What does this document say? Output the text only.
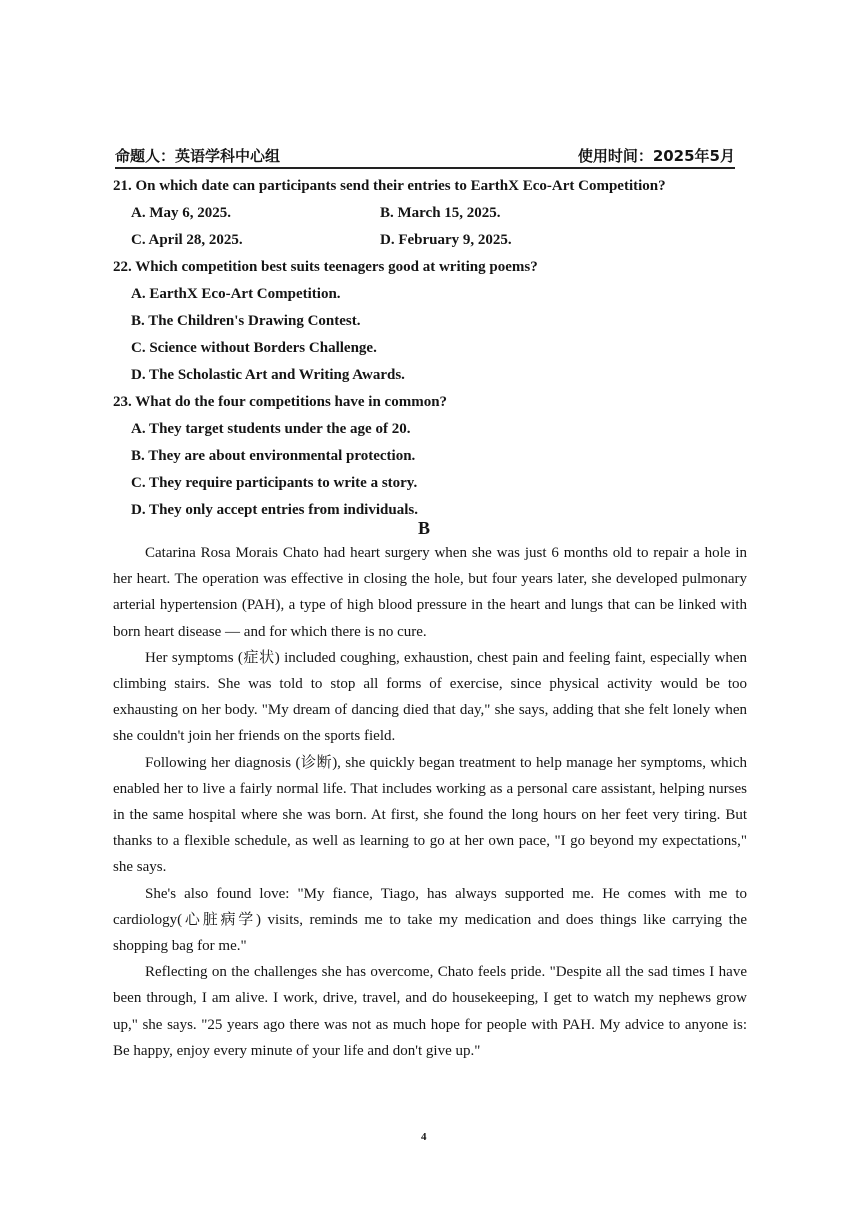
命题人：英语学科中心组	使用时间：2025年5月
21. On which date can participants send their entries to EarthX Eco-Art Competition?
A. May 6, 2025.	B. March 15, 2025.
C. April 28, 2025.	D. February 9, 2025.
22. Which competition best suits teenagers good at writing poems?
A. EarthX Eco-Art Competition.
B. The Children's Drawing Contest.
C. Science without Borders Challenge.
D. The Scholastic Art and Writing Awards.
23. What do the four competitions have in common?
A. They target students under the age of 20.
B. They are about environmental protection.
C. They require participants to write a story.
D. They only accept entries from individuals.
B

Catarina Rosa Morais Chato had heart surgery when she was just 6 months old to repair a hole in her heart. The operation was effective in closing the hole, but four years later, she developed pulmonary arterial hypertension (PAH), a type of high blood pressure in the heart and lungs that can be linked with born heart disease — and for which there is no cure.

Her symptoms (症状) included coughing, exhaustion, chest pain and feeling faint, especially when climbing stairs. She was told to stop all forms of exercise, since physical activity would be too exhausting on her body. "My dream of dancing died that day," she says, adding that she felt lonely when she couldn't join her friends on the sports field.

Following her diagnosis (诊断), she quickly began treatment to help manage her symptoms, which enabled her to live a fairly normal life. That includes working as a personal care assistant, helping nurses in the same hospital where she was born. At first, she found the long hours on her feet very tiring. But thanks to a flexible schedule, as well as learning to go at her own pace, "I go beyond my expectations," she says.

She's also found love: "My fiance, Tiago, has always supported me. He comes with me to cardiology(心脏病学) visits, reminds me to take my medication and does things like carrying the shopping bag for me."

Reflecting on the challenges she has overcome, Chato feels pride. "Despite all the sad times I have been through, I am alive. I work, drive, travel, and do housekeeping, I get to watch my nephews grow up," she says. "25 years ago there was not as much hope for people with PAH. My advice to anyone is: Be happy, enjoy every minute of your life and don't give up."

4
